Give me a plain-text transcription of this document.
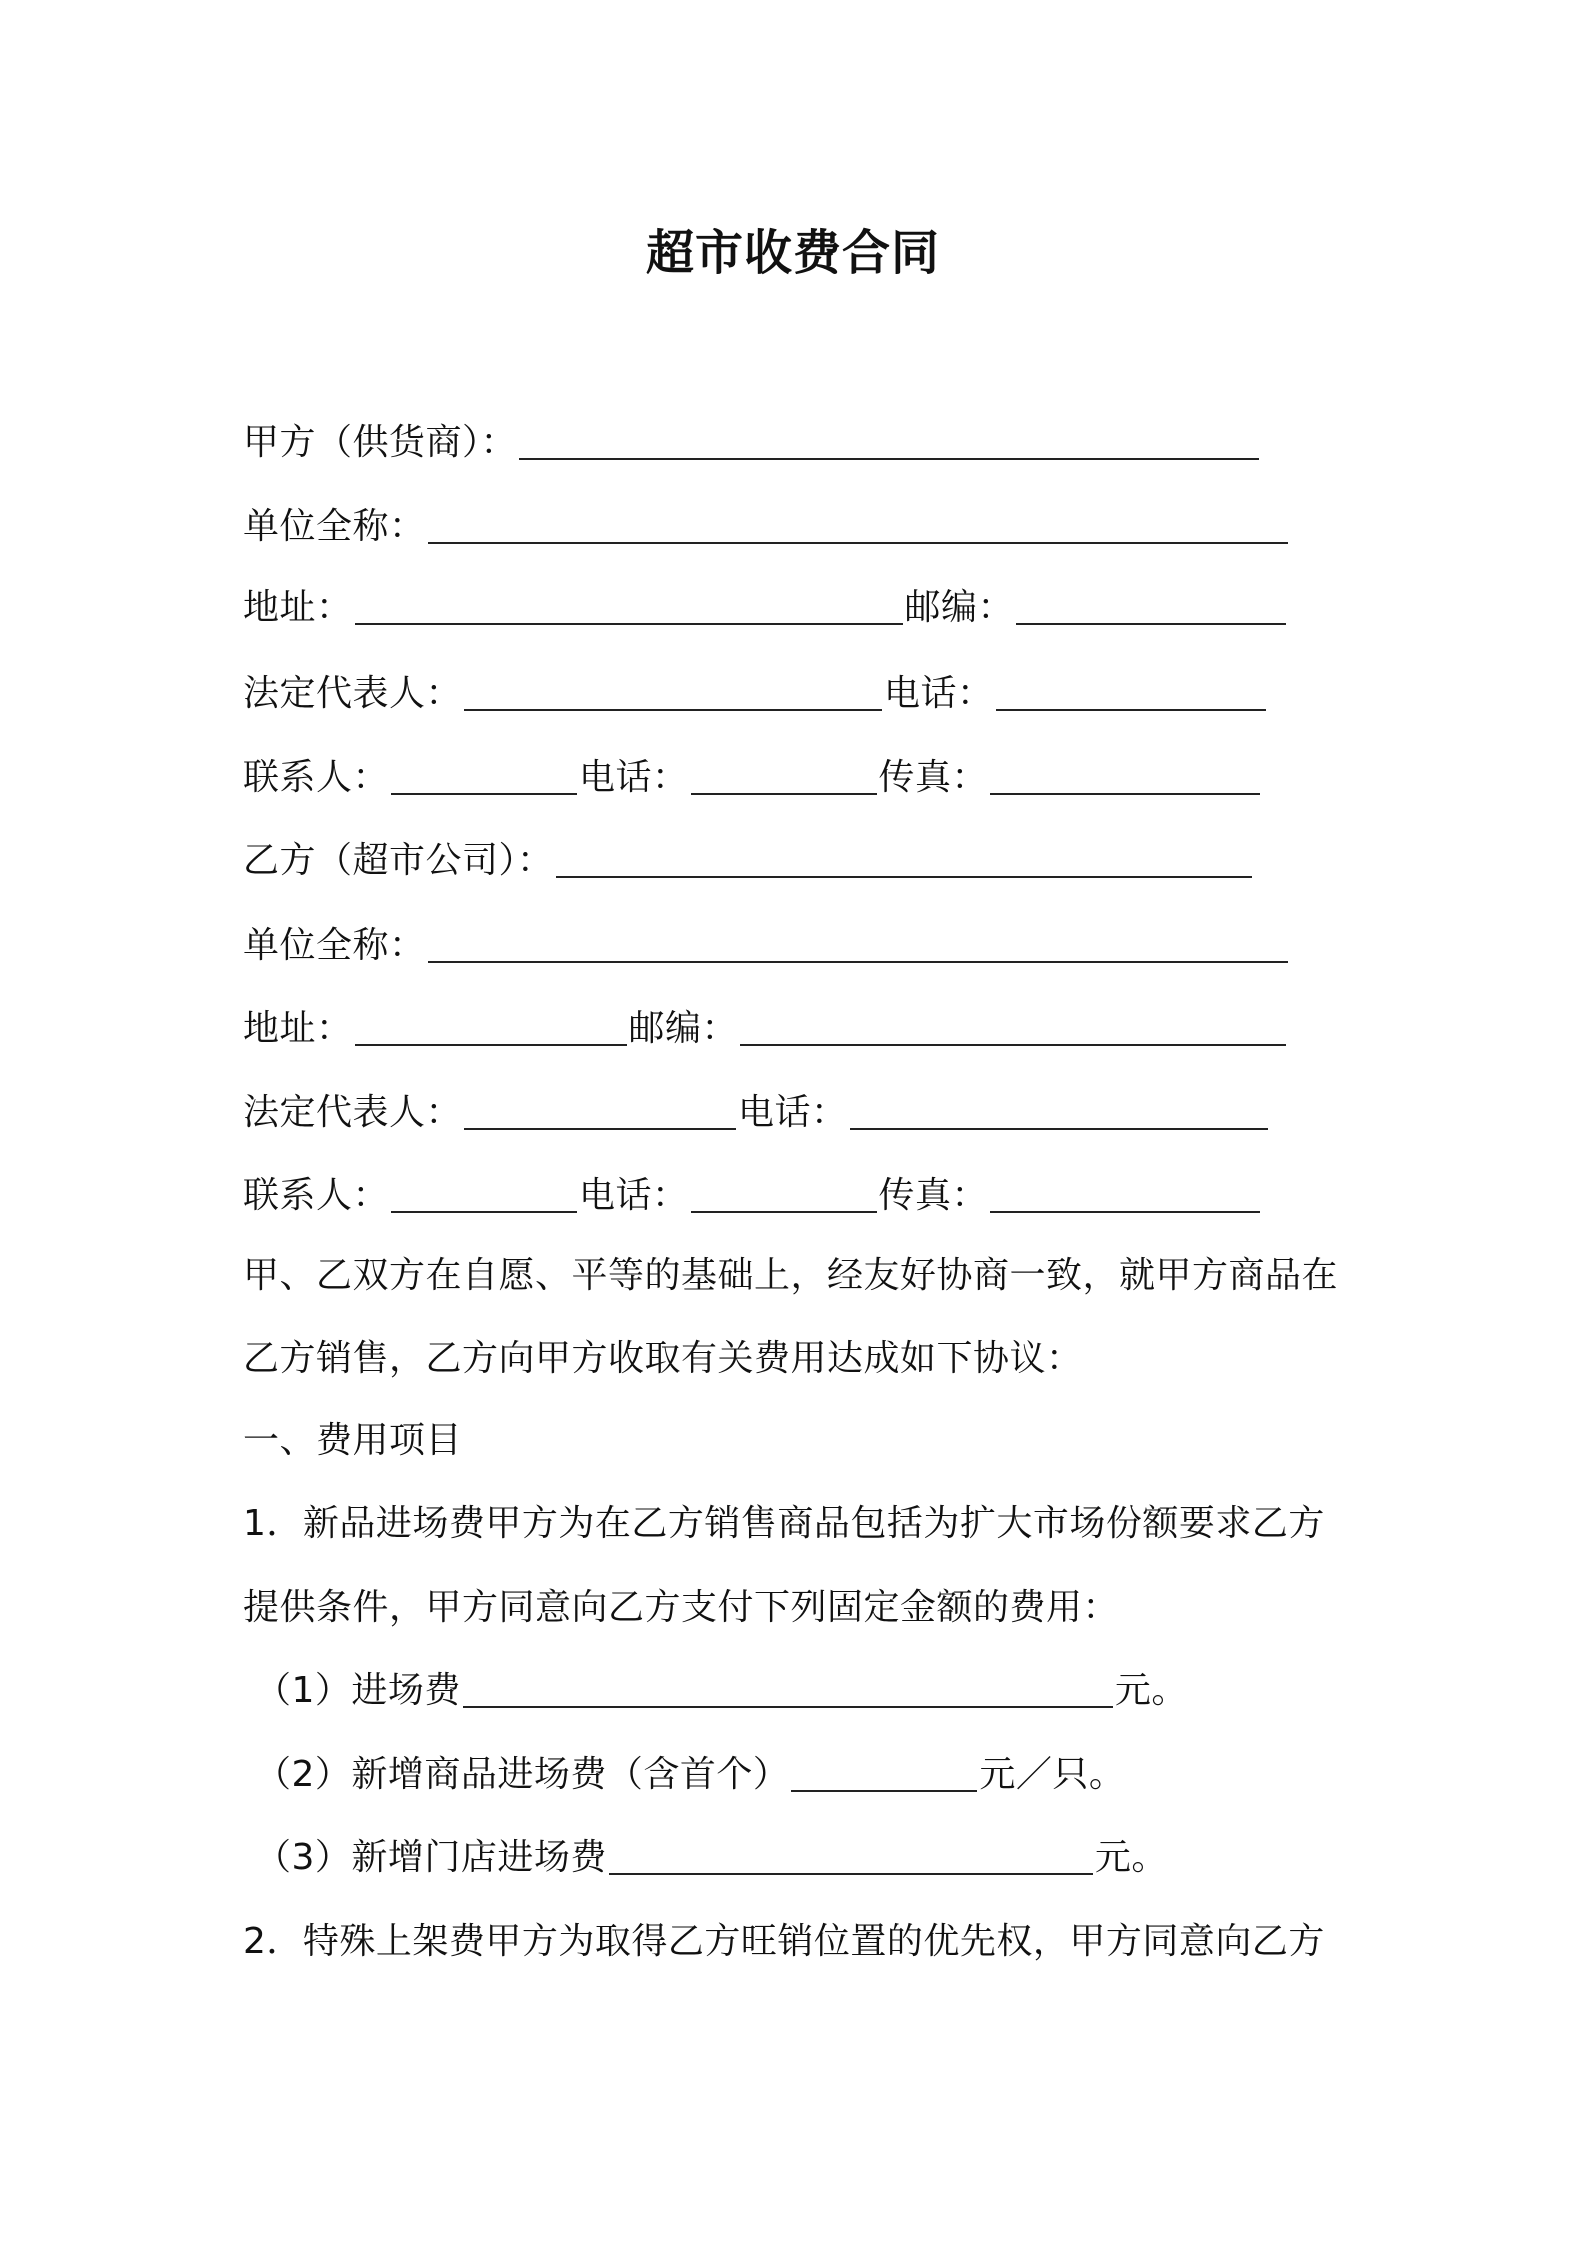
超市收费合同
甲方（供货商）：
单位全称：
地址：	邮编：
法定代表人：	电话：
联系人：	电话：	传真：
乙方（超市公司）：
单位全称：
地址：	邮编：
法定代表人：	电话：
联系人：	电话：	传真：
甲、乙双方在自愿、平等的基础上，经友好协商一致，就甲方商品在
乙方销售，乙方向甲方收取有关费用达成如下协议：
一、费用项目
1．新品进场费甲方为在乙方销售商品包括为扩大市场份额要求乙方
提供条件，甲方同意向乙方支付下列固定金额的费用：
（1）进场费	元。
（2）新增商品进场费（含首个）	元／只。
（3）新增门店进场费	元。
2．特殊上架费甲方为取得乙方旺销位置的优先权，甲方同意向乙方
